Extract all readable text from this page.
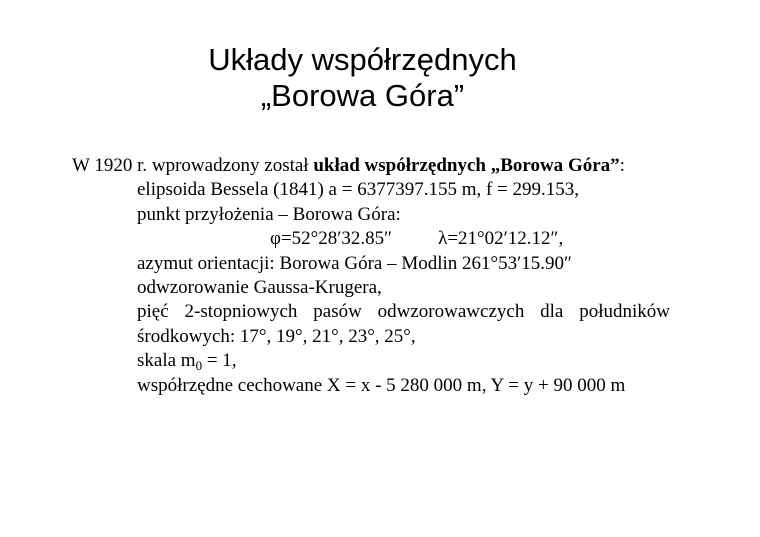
Układy współrzędnych
„Borowa Góra”
W 1920 r. wprowadzony został układ współrzędnych „Borowa Góra”:
elipsoida Bessela (1841) a = 6377397.155 m, f = 299.153,
punkt przyłożenia – Borowa Góra:
φ=52°28′32.85″ λ=21°02′12.12″,
azymut orientacji: Borowa Góra – Modlin 261°53′15.90″
odwzorowanie Gaussa-Krugera,
pięć 2-stopniowych pasów odwzorowawczych dla południków środkowych: 17°, 19°, 21°, 23°, 25°,
skala $m_0 = 1$,
współrzędne cechowane X = x - 5 280 000 m, Y = y + 90 000 m
